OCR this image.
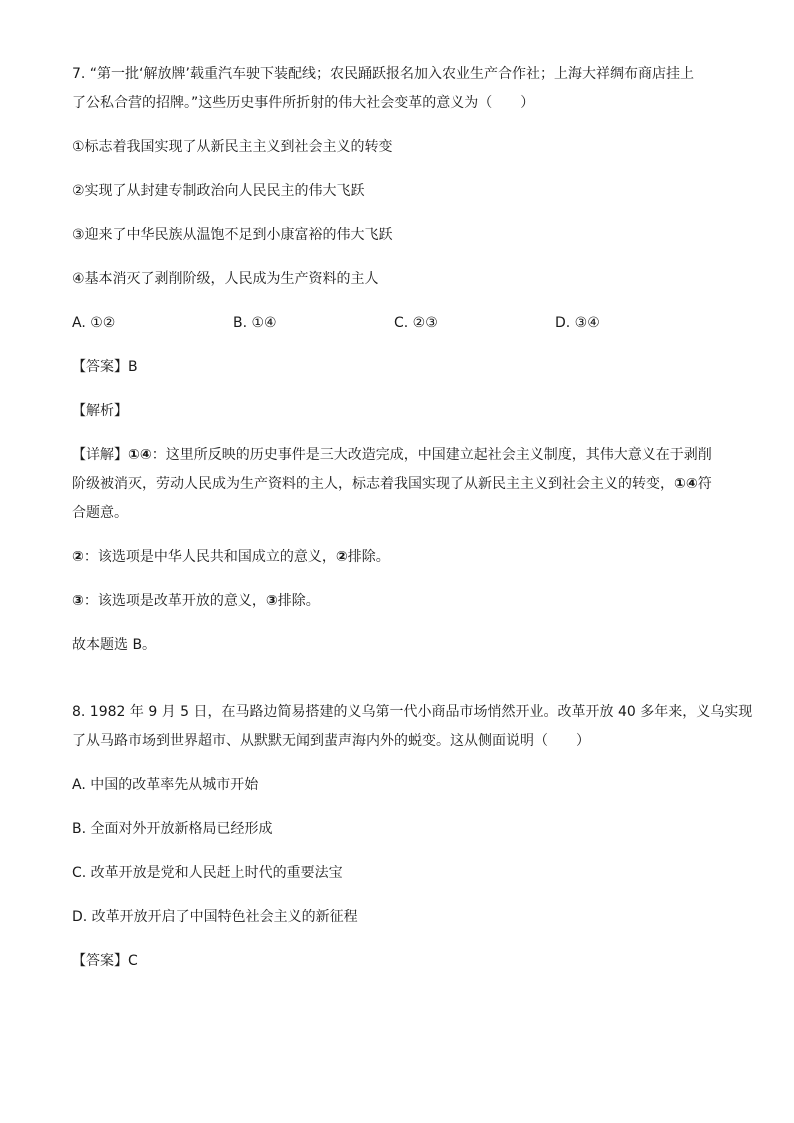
7. “第一批‘解放牌’载重汽车驶下装配线；农民踊跃报名加入农业生产合作社；上海大祥绸布商店挂上

了公私合营的招牌。”这些历史事件所折射的伟大社会变革的意义为（　　）

①标志着我国实现了从新民主主义到社会主义的转变

②实现了从封建专制政治向人民民主的伟大飞跃

③迎来了中华民族从温饱不足到小康富裕的伟大飞跃

④基本消灭了剥削阶级，人民成为生产资料的主人

A. ①②	B. ①④	C. ②③	D. ③④

【答案】B

【解析】

【详解】①④：这里所反映的历史事件是三大改造完成，中国建立起社会主义制度，其伟大意义在于剥削

阶级被消灭，劳动人民成为生产资料的主人，标志着我国实现了从新民主主义到社会主义的转变，①④符

合题意。

②：该选项是中华人民共和国成立的意义，②排除。

③：该选项是改革开放的意义，③排除。

故本题选 B。

8. 1982 年 9 月 5 日，在马路边简易搭建的义乌第一代小商品市场悄然开业。改革开放 40 多年来，义乌实现

了从马路市场到世界超市、从默默无闻到蜚声海内外的蜕变。这从侧面说明（　　）

A. 中国的改革率先从城市开始

B. 全面对外开放新格局已经形成

C. 改革开放是党和人民赶上时代的重要法宝

D. 改革开放开启了中国特色社会主义的新征程

【答案】C
